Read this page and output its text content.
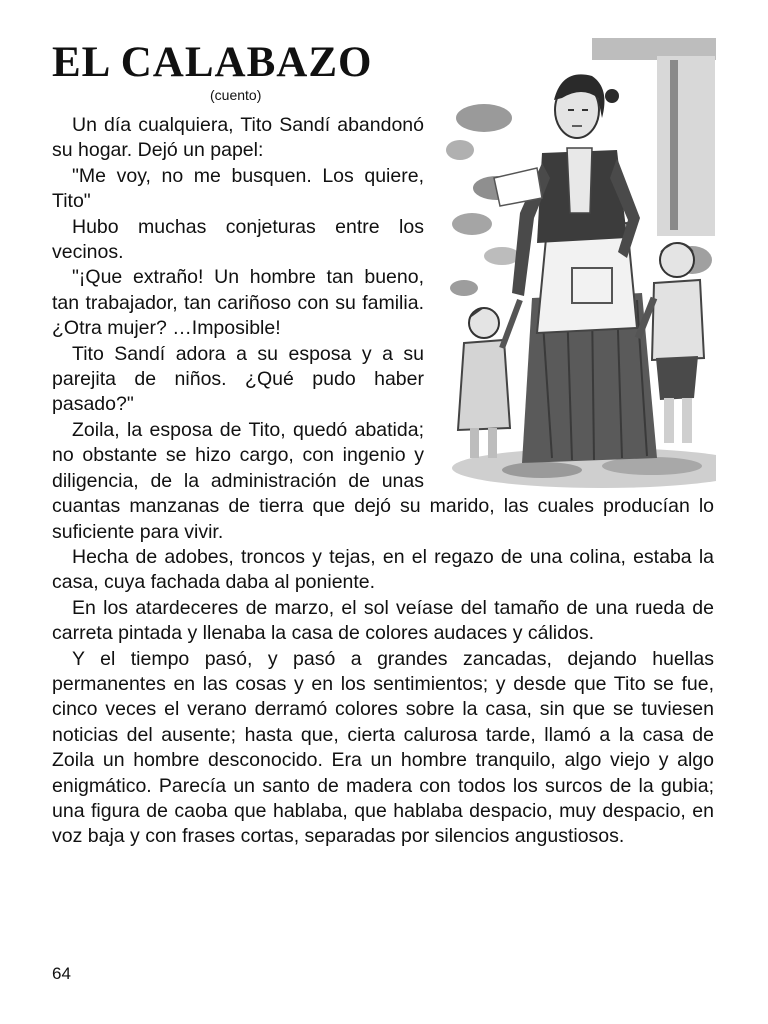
EL CALABAZO
(cuento)

Un día cualquiera, Tito Sandí abandonó su hogar. Dejó un papel:

"Me voy, no me busquen. Los quiere, Tito"

Hubo muchas conjeturas entre los vecinos.

"¡Que extraño! Un hombre tan bueno, tan trabajador, tan cariñoso con su familia. ¿Otra mujer? …Imposible!

Tito Sandí adora a su esposa y a su parejita de niños. ¿Qué pudo haber pasado?"

Zoila, la esposa de Tito, quedó abatida; no obstante se hizo cargo, con ingenio y diligencia, de la administración de unas cuantas manzanas de tierra que dejó su marido, las cuales producían lo suficiente para vivir.

Hecha de adobes, troncos y tejas, en el regazo de una colina, estaba la casa, cuya fachada daba al poniente.

En los atardeceres de marzo, el sol veíase del tamaño de una rueda de carreta pintada y llenaba la casa de colores audaces y cálidos.

Y el tiempo pasó, y pasó a grandes zancadas, dejando huellas permanentes en las cosas y en los sentimientos; y desde que Tito se fue, cinco veces el verano derramó colores sobre la casa, sin que se tuviesen noticias del ausente; hasta que, cierta calurosa tarde, llamó a la casa de Zoila un hombre desconocido. Era un hombre tranquilo, algo viejo y algo enigmático. Parecía un santo de madera con todos los surcos de la gubia; una figura de caoba que hablaba, que hablaba despacio, muy despacio, en voz baja y con frases cortas, separadas por silencios angustiosos.

64
